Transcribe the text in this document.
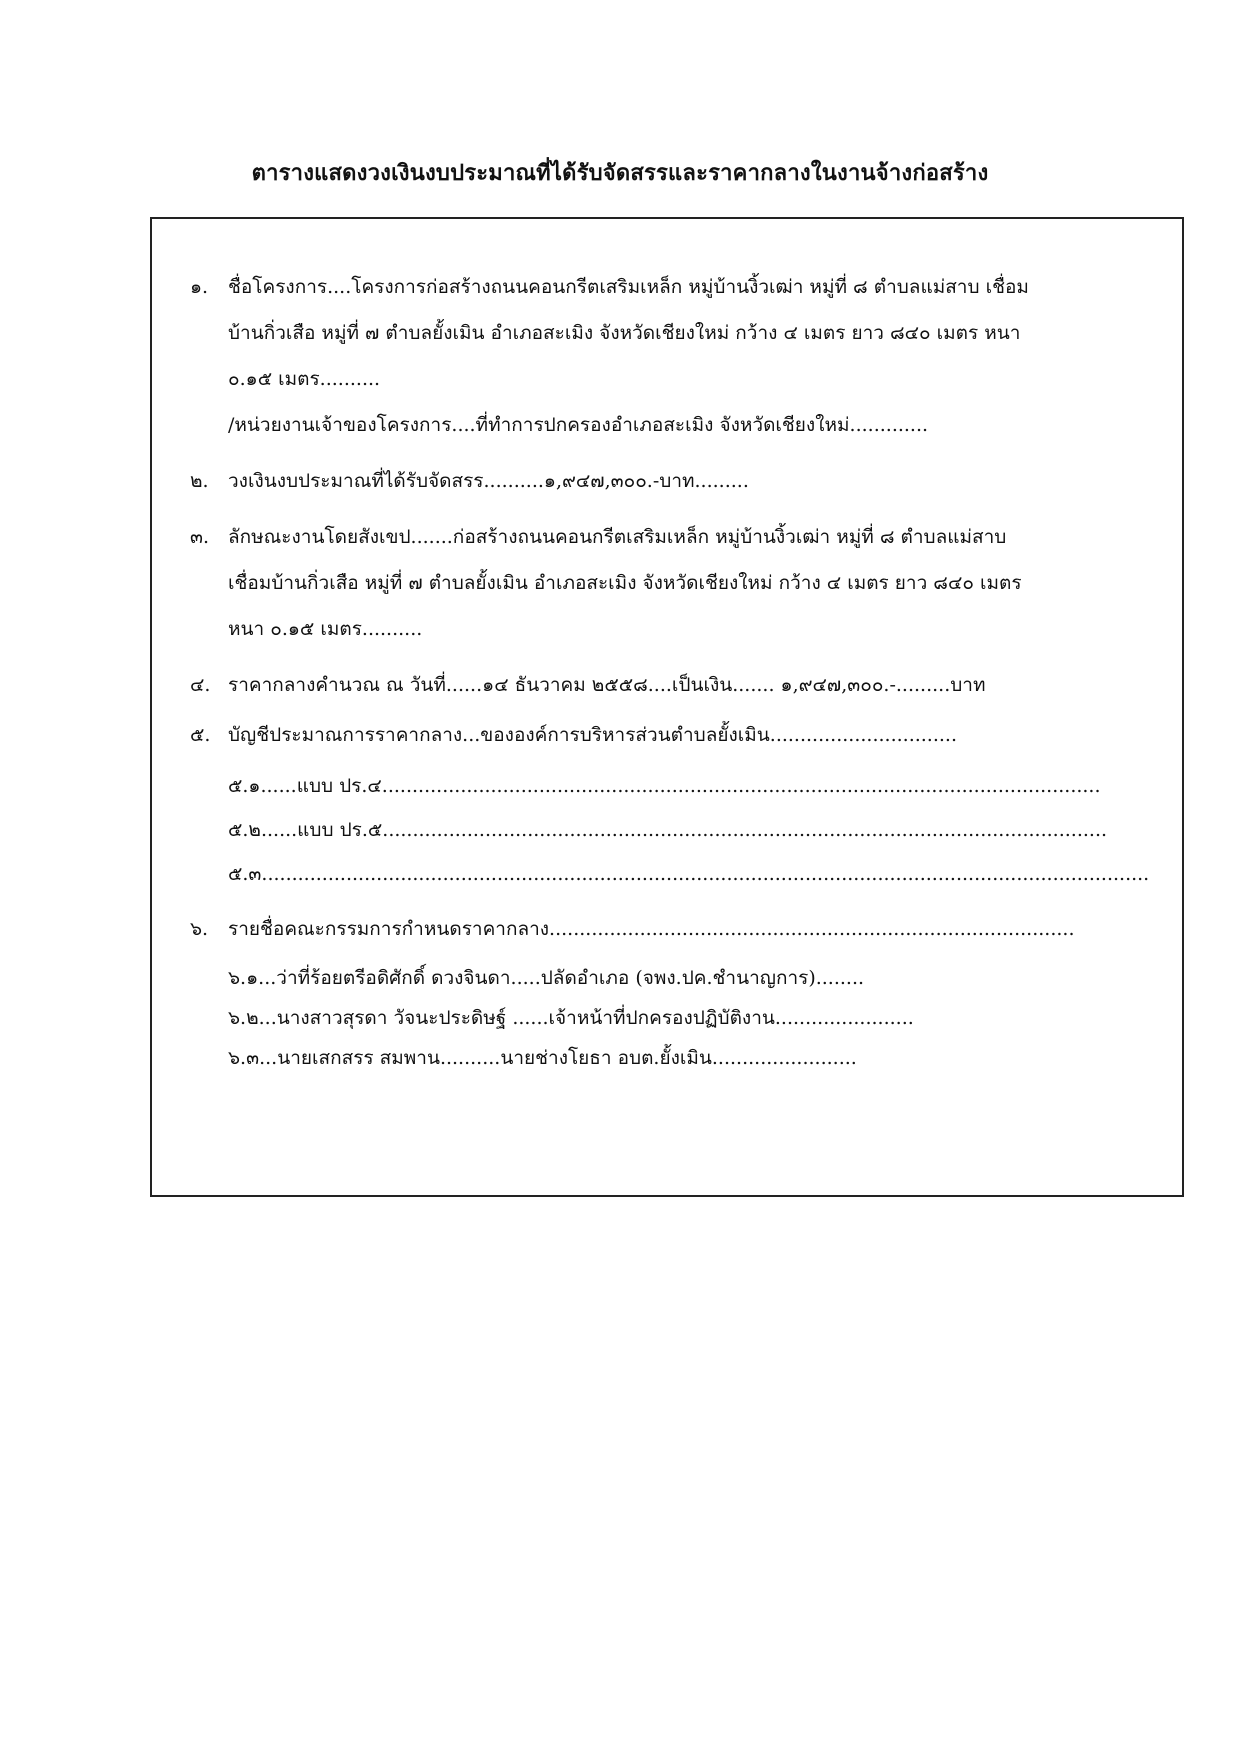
ตารางแสดงวงเงินงบประมาณที่ได้รับจัดสรรและราคากลางในงานจ้างก่อสร้าง
๑.	ชื่อโครงการ....โครงการก่อสร้างถนนคอนกรีตเสริมเหล็ก หมู่บ้านงิ้วเฒ่า หมู่ที่ ๘ ตำบลแม่สาบ เชื่อม
บ้านกิ่วเสือ หมู่ที่ ๗ ตำบลยั้งเมิน อำเภอสะเมิง จังหวัดเชียงใหม่ กว้าง ๔ เมตร ยาว ๘๔๐ เมตร หนา
๐.๑๕ เมตร..........
/หน่วยงานเจ้าของโครงการ....ที่ทำการปกครองอำเภอสะเมิง จังหวัดเชียงใหม่.............
๒.	วงเงินงบประมาณที่ได้รับจัดสรร..........๑,๙๔๗,๓๐๐.-บาท.........
๓. ลักษณะงานโดยสังเขป.......ก่อสร้างถนนคอนกรีตเสริมเหล็ก หมู่บ้านงิ้วเฒ่า หมู่ที่ ๘ ตำบลแม่สาบ
เชื่อมบ้านกิ่วเสือ หมู่ที่ ๗ ตำบลยั้งเมิน อำเภอสะเมิง จังหวัดเชียงใหม่ กว้าง ๔ เมตร ยาว ๘๔๐ เมตร
หนา ๐.๑๕ เมตร..........
๔. ราคากลางคำนวณ ณ วันที่......๑๔ ธันวาคม ๒๕๕๘....เป็นเงิน....... ๑,๙๔๗,๓๐๐.-.........บาท
๕. บัญชีประมาณการราคากลาง...ขององค์การบริหารส่วนตำบลยั้งเมิน...............................
๕.๑......แบบ ปร.๔.......................................................................................................................
๕.๒......แบบ ปร.๕........................................................................................................................
๕.๓...................................................................................................................................................
๖.	รายชื่อคณะกรรมการกำหนดราคากลาง.......................................................................................
๖.๑...ว่าที่ร้อยตรีอดิศักดิ์ ดวงจินดา.....ปลัดอำเภอ (จพง.ปค.ชำนาญการ)........
๖.๒...นางสาวสุรดา วัจนะประดิษฐ์ ......เจ้าหน้าที่ปกครองปฏิบัติงาน.......................
๖.๓...นายเสกสรร สมพาน..........นายช่างโยธา อบต.ยั้งเมิน........................
